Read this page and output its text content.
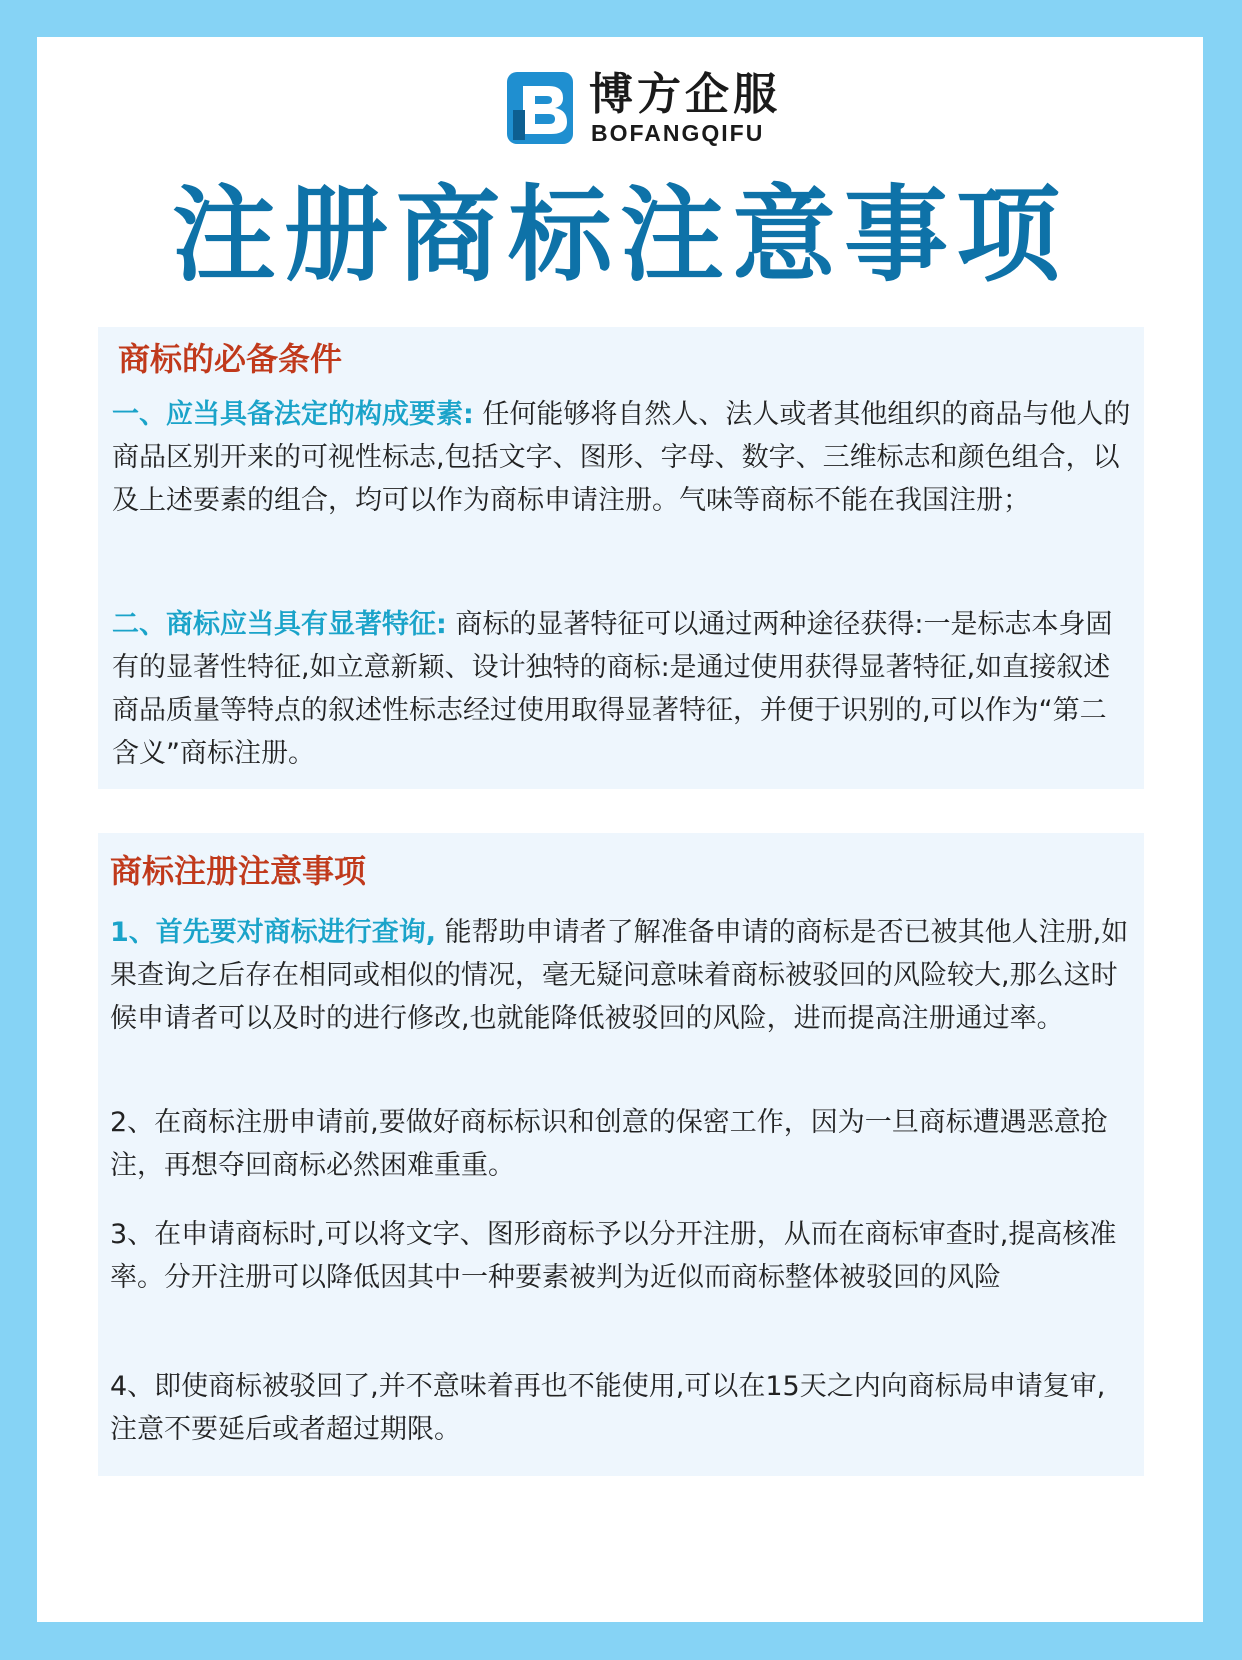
博方企服
BOFANGQIFU
注册商标注意事项
商标的必备条件
一、应当具备法定的构成要素: 任何能够将自然人、法人或者其他组织的商品与他人的商品区别开来的可视性标志,包括文字、图形、字母、数字、三维标志和颜色组合，以及上述要素的组合，均可以作为商标申请注册。气味等商标不能在我国注册；
二、商标应当具有显著特征: 商标的显著特征可以通过两种途径获得:一是标志本身固有的显著性特征,如立意新颖、设计独特的商标:是通过使用获得显著特征,如直接叙述商品质量等特点的叙述性标志经过使用取得显著特征，并便于识别的,可以作为“第二含义”商标注册。
商标注册注意事项
1、首先要对商标进行查询, 能帮助申请者了解准备申请的商标是否已被其他人注册,如果查询之后存在相同或相似的情况，毫无疑问意味着商标被驳回的风险较大,那么这时候申请者可以及时的进行修改,也就能降低被驳回的风险，进而提高注册通过率。
2、在商标注册申请前,要做好商标标识和创意的保密工作，因为一旦商标遭遇恶意抢注，再想夺回商标必然困难重重。
3、在申请商标时,可以将文字、图形商标予以分开注册，从而在商标审查时,提高核准率。分开注册可以降低因其中一种要素被判为近似而商标整体被驳回的风险
4、即使商标被驳回了,并不意味着再也不能使用,可以在15天之内向商标局申请复审,注意不要延后或者超过期限。
